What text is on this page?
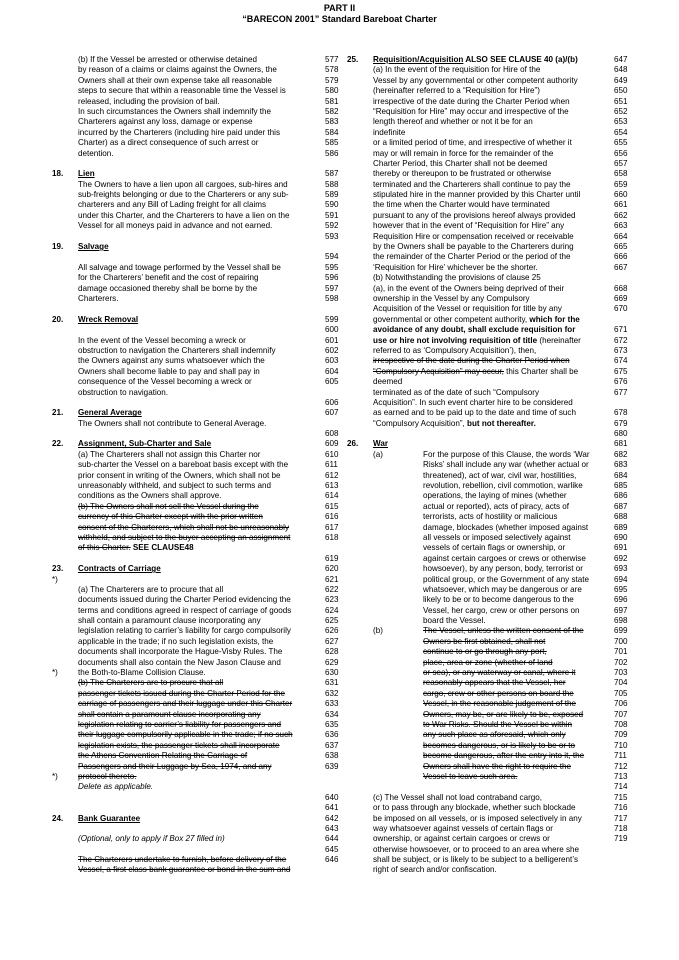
PART II
“BARECON 2001” Standard Bareboat Charter
(b) If the Vessel be arrested or otherwise detained	577
by reason of a claims or claims against the Owners, the	578
Owners shall at their own expense take all reasonable	579
steps to secure that within a reasonable time the Vessel is	580
released, including the provision of bail.	581
In such circumstances the Owners shall indemnify the	582
Charterers against any loss, damage or expense	583
incurred by the Charterers (including hire paid under this	584
Charter) as a direct consequence of such arrest or	585
detention.	586
18. Lien	587
The Owners to have a lien upon all cargoes, sub-hires and	588
sub-freights belonging or due to the Charterers or any sub-	589
charterers and any Bill of Lading freight for all claims	590
under this Charter, and the Charterers to have a lien on the	591
Vessel for all moneys paid in advance and not earned.	592
593
19. Salvage
594
All salvage and towage performed by the Vessel shall be	595
for the Charterers’ benefit and the cost of repairing	596
damage occasioned thereby shall be borne by the	597
Charterers.	598
20. Wreck Removal	599
600
In the event of the Vessel becoming a wreck or	601
obstruction to navigation the Charterers shall indemnify	602
the Owners against any sums whatsoever which the	603
Owners shall become liable to pay and shall pay in	604
consequence of the Vessel becoming a wreck or	605
obstruction to navigation.
606
21. General Average	607
The Owners shall not contribute to General Average.
608
22. Assignment, Sub-Charter and Sale	609
(a) The Charterers shall not assign this Charter nor	610
sub-charter the Vessel on a bareboat basis except with the	611
prior consent in writing of the Owners, which shall not be	612
unreasonably withheld, and subject to such terms and	613
conditions as the Owners shall approve.	614
(b) The Owners shall not sell the Vessel during the	615
currency of this Charter except with the prior written	616
consent of the Charterers, which shall not be unreasonably	617
withheld, and subject to the buyer accepting an assignment	618
of this Charter. SEE CLAUSE48
619
23. Contracts of Carriage	620
*)	621
(a) The Charterers are to procure that all	622
documents issued during the Charter Period evidencing the	623
terms and conditions agreed in respect of carriage of goods	624
shall contain a paramount clause incorporating any	625
legislation relating to carrier’s liability for cargo compulsorily	626
applicable in the trade; if no such legislation exists, the	627
documents shall incorporate the Hague-Visby Rules. The	628
documents shall also contain the New Jason Clause and	629
*) the Both-to-Blame Collision Clause.	630
(b) The Charterers are to procure that all	631
passenger tickets issued during the Charter Period for the	632
carriage of passengers and their luggage under this Charter	633
shall contain a paramount clause incorporating any	634
legislation relating to carrier’s liability for passengers and	635
their luggage compulsorily applicable in the trade; if no such	636
legislation exists, the passenger tickets shall incorporate	637
the Athens Convention Relating the Carriage of	638
Passengers and their Luggage by Sea, 1974, and any	639
*) protocol thereto.
Delete as applicable.
640
641
24. Bank Guarantee	642
643
(Optional, only to apply if Box 27 filled in)	644
645
The Charterers undertake to furnish, before delivery of the	646
Vessel, a first class bank guarantee or bond in the sum and
25. Requisition/Acquisition ALSO SEE CLAUSE 40 (a)/(b)	647
(a) In the event of the requisition for Hire of the	648
Vessel by any governmental or other competent authority	649
(hereinafter referred to a “Requisition for Hire”)	650
irrespective of the date during the Charter Period when	651
“Requisition for Hire” may occur and irrespective of the	652
length thereof and whether or not it be for an	653
indefinite	654
or a limited period of time, and irrespective of whether it	655
may or will remain in force for the remainder of the	656
Charter Period, this Charter shall not be deemed	657
thereby or thereupon to be frustrated or otherwise	658
terminated and the Charterers shall continue to pay the	659
stipulated hire in the manner provided by this Charter until	660
the time when the Charter would have terminated	661
pursuant to any of the provisions hereof always provided	662
however that in the event of “Requisition for Hire” any	663
Requisition Hire or compensation received or receivable	664
by the Owners shall be payable to the Charterers during	665
the remainder of the Charter Period or the period of the	666
‘Requisition for Hire’ whichever be the shorter.	667
(b) Notwithstanding the provisions of clause 25
(a), in the event of the Owners being deprived of their	668
ownership in the Vessel by any Compulsory	669
Acquisition of the Vessel or requisition for title by any	670
governmental or other competent authority, which for the
avoidance of any doubt, shall exclude requisition for	671
use or hire not involving requisition of title (hereinafter	672
referred to as ‘Compulsory Acquisition’), then,	673
irrespective of the date during the Charter Period when	674
“Compulsory Acquisition” may occur, this Charter shall be	675
deemed	676
terminated as of the date of such “Compulsory	677
Acquisition”. In such event charter hire to be considered
as earned and to be paid up to the date and time of such	678
“Compulsory Acquisition”, but not thereafter.	679
680
26. War	681
(a)	For the purpose of this Clause, the words ‘War	682
Risks’ shall include any war (whether actual or	683
threatened), act of war, civil war, hostilities,	684
revolution, rebellion, civil commotion, warlike	685
operations, the laying of mines (whether	686
actual or reported), acts of piracy, acts of	687
terrorists, acts of hostility or malicious	688
damage, blockades (whether imposed against	689
all vessels or imposed selectively against	690
vessels of certain flags or ownership, or	691
against certain cargoes or crews or otherwise	692
howsoever), by any person, body, terrorist or	693
political group, or the Government of any state	694
whatsoever, which may be dangerous or are	695
likely to be or to become dangerous to the	696
Vessel, her cargo, crew or other persons on	697
board the Vessel.	698
(b)	The Vessel, unless the written consent of the	699
Owners be first obtained, shall not	700
continue to or go through any port,	701
place, area or zone (whether of land	702
or sea), or any waterway or canal, where it	703
reasonably appears that the Vessel, her	704
cargo, crew or other persons on board the	705
Vessel, in the reasonable judgement of the	706
Owners, may be, or are likely to be, exposed	707
to War Risks. Should the Vessel be within	708
any such place as aforesaid, which only	709
becomes dangerous, or is likely to be or to	710
become dangerous, after the entry into it, the	711
Owners shall have the right to require the	712
Vessel to leave such area.	713
714
(c) The Vessel shall not load contraband cargo,	715
or to pass through any blockade, whether such blockade	716
be imposed on all vessels, or is imposed selectively in any	717
way whatsoever against vessels of certain flags or	718
ownership, or against certain cargoes or crews or	719
otherwise howsoever, or to proceed to an area where she
shall be subject, or is likely to be subject to a belligerent’s
right of search and/or confiscation.
